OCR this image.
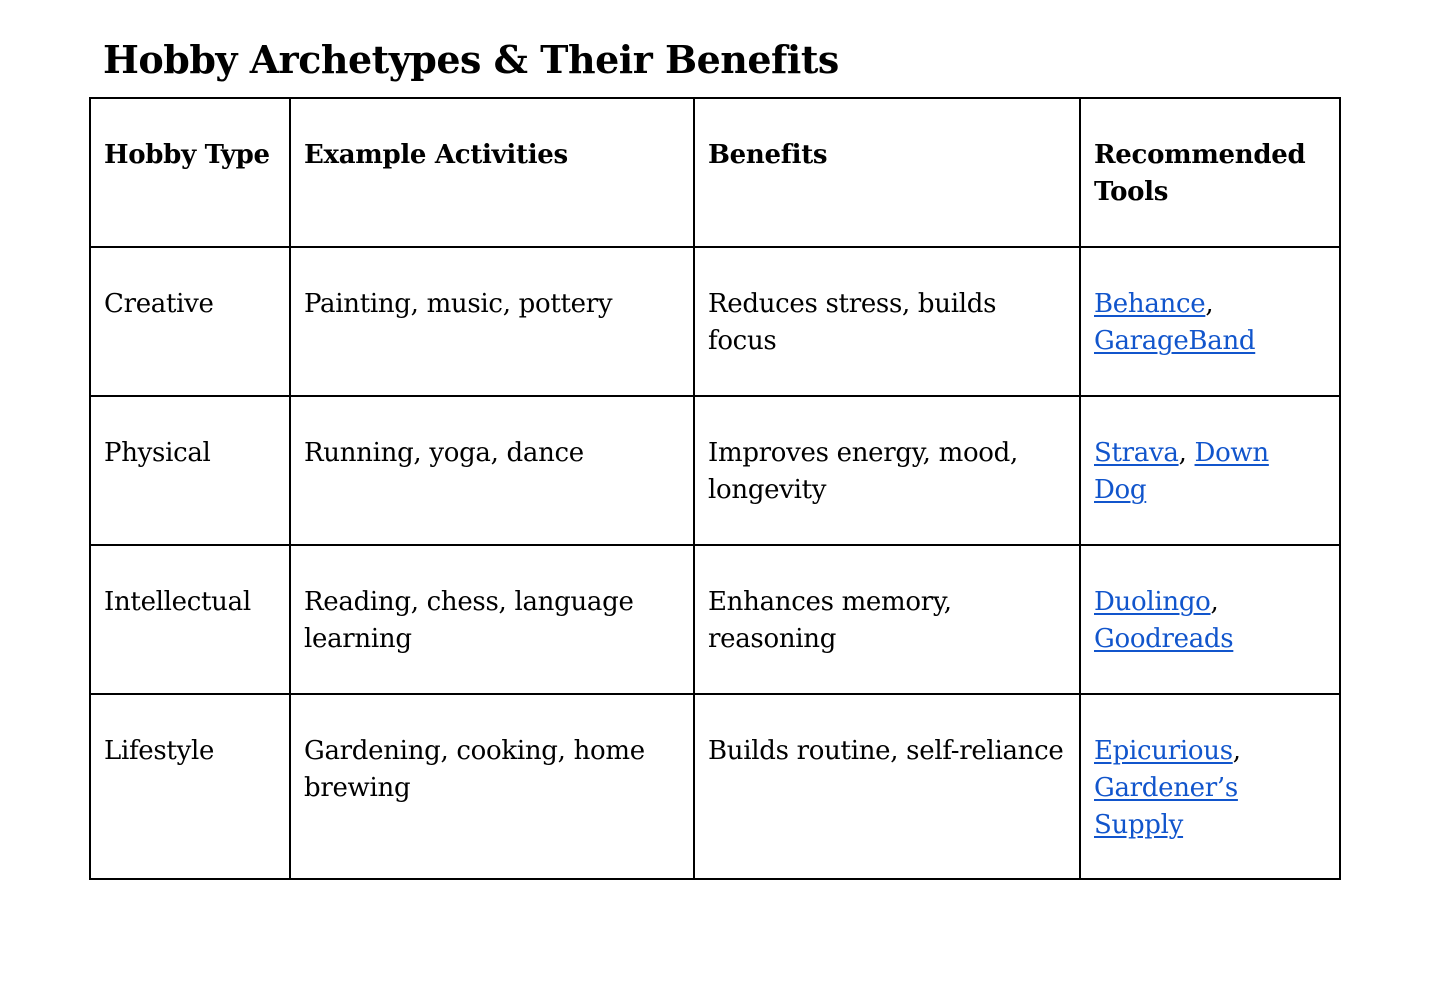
Hobby Archetypes & Their Benefits
Hobby Type	Example Activities	Benefits	Recommended Tools
Creative	Painting, music, pottery	Reduces stress, builds focus	Behance, GarageBand
Physical	Running, yoga, dance	Improves energy, mood, longevity	Strava, Down Dog
Intellectual	Reading, chess, language learning	Enhances memory, reasoning	Duolingo, Goodreads
Lifestyle	Gardening, cooking, home brewing	Builds routine, self-reliance	Epicurious, Gardener’s Supply
